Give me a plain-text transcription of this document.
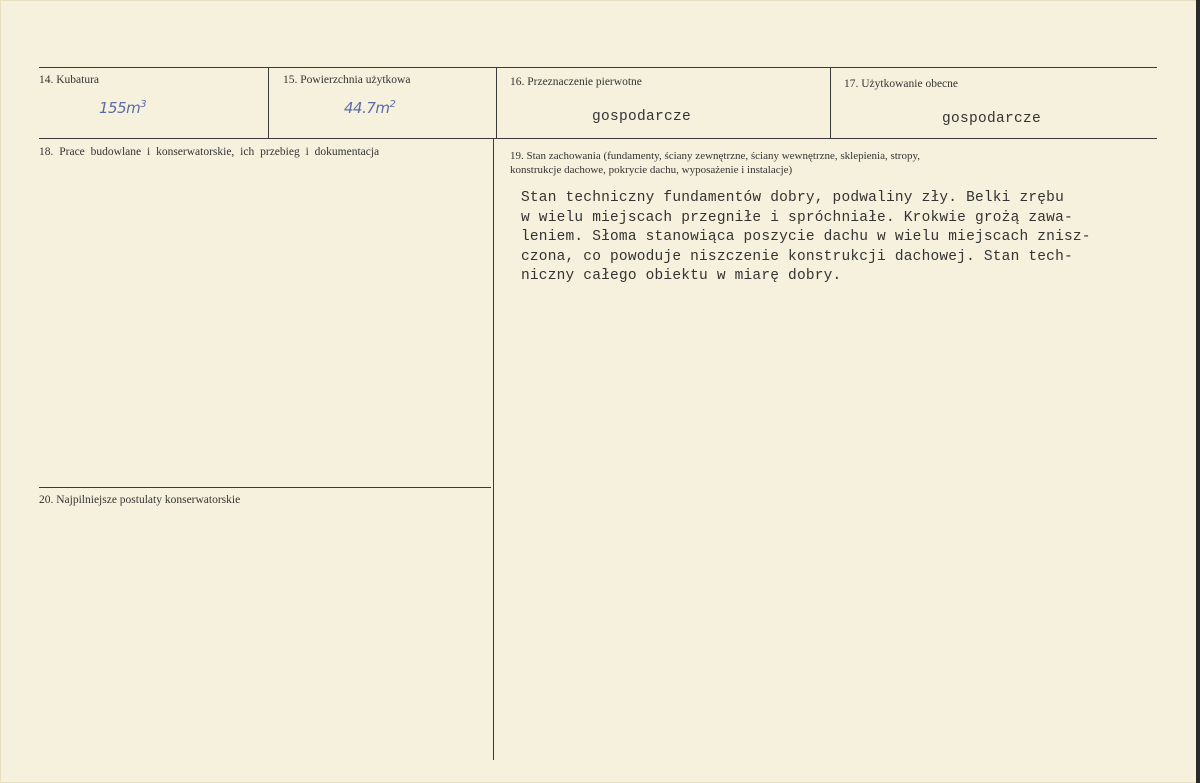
14. Kubatura
$155m^3$
15. Powierzchnia użytkowa
$44.7m^2$
16. Przeznaczenie pierwotne
gospodarcze
17. Użytkowanie obecne
gospodarcze
18. Prace budowlane i konserwatorskie, ich przebieg i dokumentacja	19. Stan zachowania (fundamenty, ściany zewnętrzne, ściany wewnętrzne, sklepienia, stropy,
konstrukcje dachowe, pokrycie dachu, wyposażenie i instalacje)
Stan techniczny fundamentów dobry, podwaliny zły. Belki zrębu
w wielu miejscach przegniłe i spróchniałe. Krokwie grożą zawa-
leniem. Słoma stanowiąca poszycie dachu w wielu miejscach znisz-
czona, co powoduje niszczenie konstrukcji dachowej. Stan tech-
niczny całego obiektu w miarę dobry.
20. Najpilniejsze postulaty konserwatorskie
